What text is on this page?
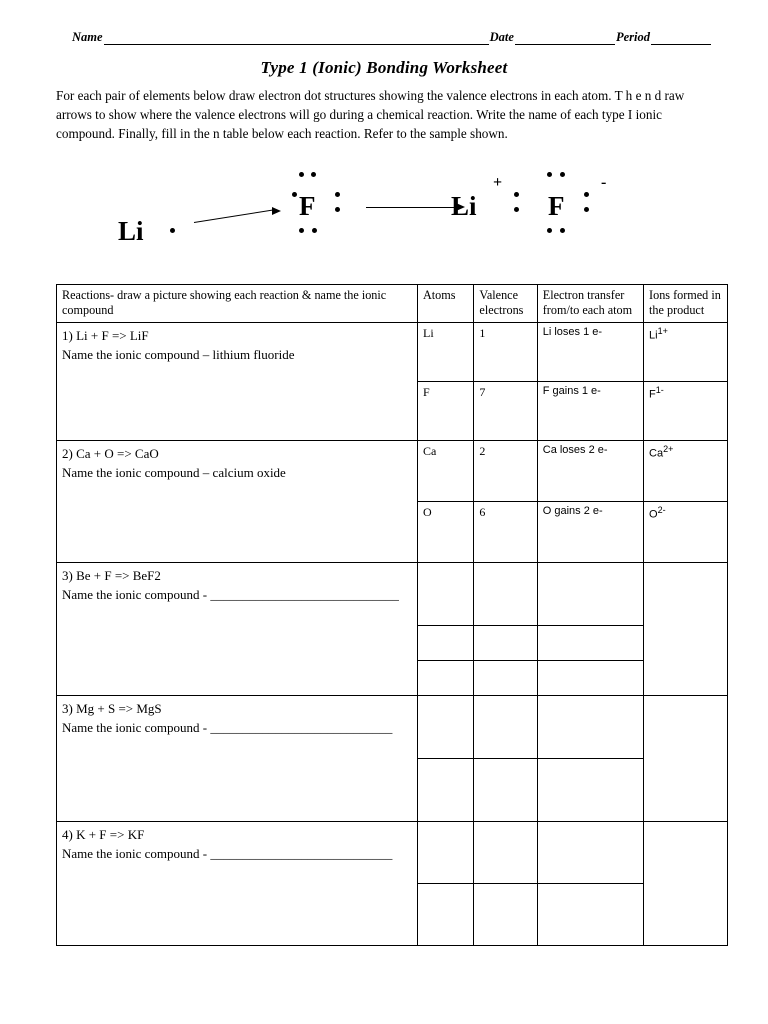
Name	Date	Period
Type 1 (Ionic) Bonding Worksheet
For each pair of elements below draw electron dot structures showing the valence electrons in each atom. T h e n d raw arrows to show where the valence electrons will go during a chemical reaction. Write the name of each type I ionic compound. Finally, fill in the n table below each reaction. Refer to the sample shown.
Li
F	Li
+
F
-
Reactions- draw a picture showing each reaction & name the ionic compound	Atoms	Valence electrons	Electron transfer from/to each atom	Ions formed in the product
1) Li + F => LiF
Name the ionic compound – lithium fluoride	Li	1	Li loses 1 e-	$Li^{1+}$
	F	7	F gains 1 e-	$F^{1-}$
2) Ca + O => CaO
Name the ionic compound – calcium oxide	Ca	2	Ca loses 2 e-	$Ca^{2+}$
	O	6	O gains 2 e-	$O^{2-}$
3) Be + F => BeF2
Name the ionic compound - _____________________________				

3) Mg + S => MgS
Name the ionic compound - ____________________________				

4) K + F => KF
Name the ionic compound - ____________________________				
